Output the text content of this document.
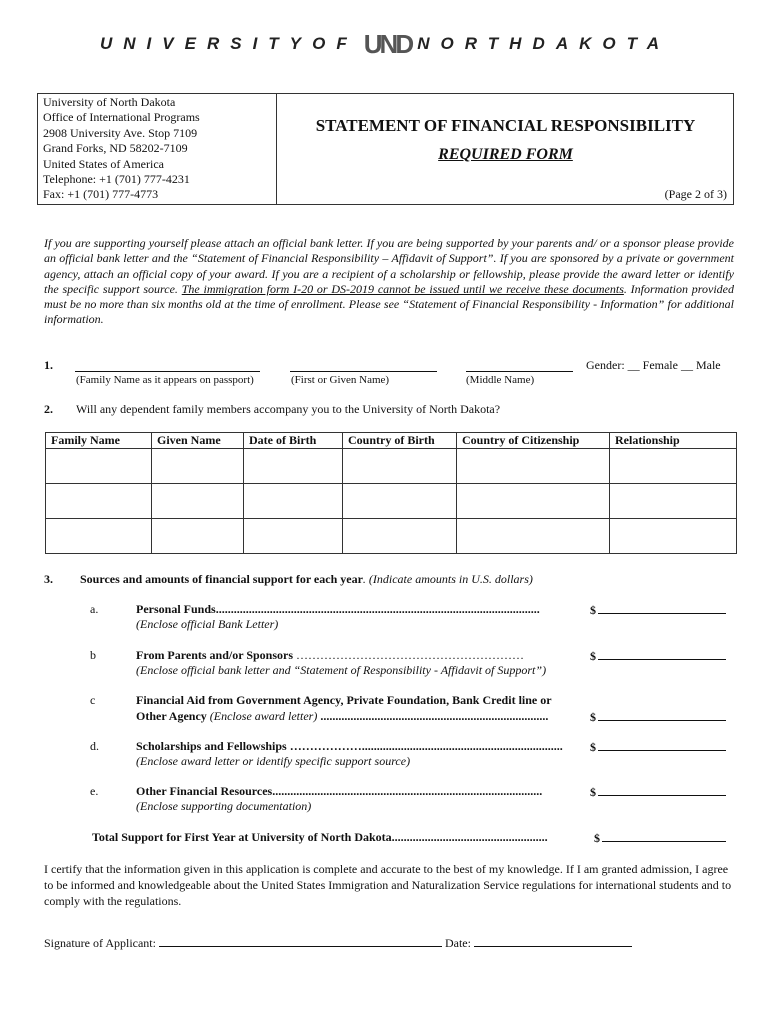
UNIVERSITY OF UND NORTH DAKOTA
University of North Dakota
Office of International Programs
2908 University Ave. Stop 7109
Grand Forks, ND 58202-7109
United States of America
Telephone: +1 (701) 777-4231
Fax: +1 (701) 777-4773
STATEMENT OF FINANCIAL RESPONSIBILITY
REQUIRED FORM
(Page 2 of 3)
If you are supporting yourself please attach an official bank letter. If you are being supported by your parents and/ or a sponsor please provide an official bank letter and the “Statement of Financial Responsibility – Affidavit of Support”. If you are sponsored by a private or government agency, attach an official copy of your award. If you are a recipient of a scholarship or fellowship, please provide the award letter or identify the specific support source. The immigration form I-20 or DS-2019 cannot be issued until we receive these documents. Information provided must be no more than six months old at the time of enrollment. Please see “Statement of Financial Responsibility - Information” for additional information.
1.	Gender: __ Female __ Male
(Family Name as it appears on passport)	(First or Given Name)	(Middle Name)
2. Will any dependent family members accompany you to the University of North Dakota?
Family Name	Given Name	Date of Birth	Country of Birth	Country of Citizenship	Relationship

3. Sources and amounts of financial support for each year. (Indicate amounts in U.S. dollars)
a.	Personal Funds............................................................................................................
(Enclose official Bank Letter)
$
b	From Parents and/or Sponsors …………………………………………………
(Enclose official bank letter and “Statement of Responsibility - Affidavit of Support”)
$
c	Financial Aid from Government Agency, Private Foundation, Bank Credit line or
Other Agency (Enclose award letter) ............................................................................	$
d.	Scholarships and Fellowships ………………...................................................................
(Enclose award letter or identify specific support source)
$
e.	Other Financial Resources..........................................................................................
(Enclose supporting documentation)
$
Total Support for First Year at University of North Dakota....................................................	$
I certify that the information given in this application is complete and accurate to the best of my knowledge. If I am granted admission, I agree to be informed and knowledgeable about the United States Immigration and Naturalization Service regulations for international students and to comply with the regulations.
Signature of Applicant:	Date:
